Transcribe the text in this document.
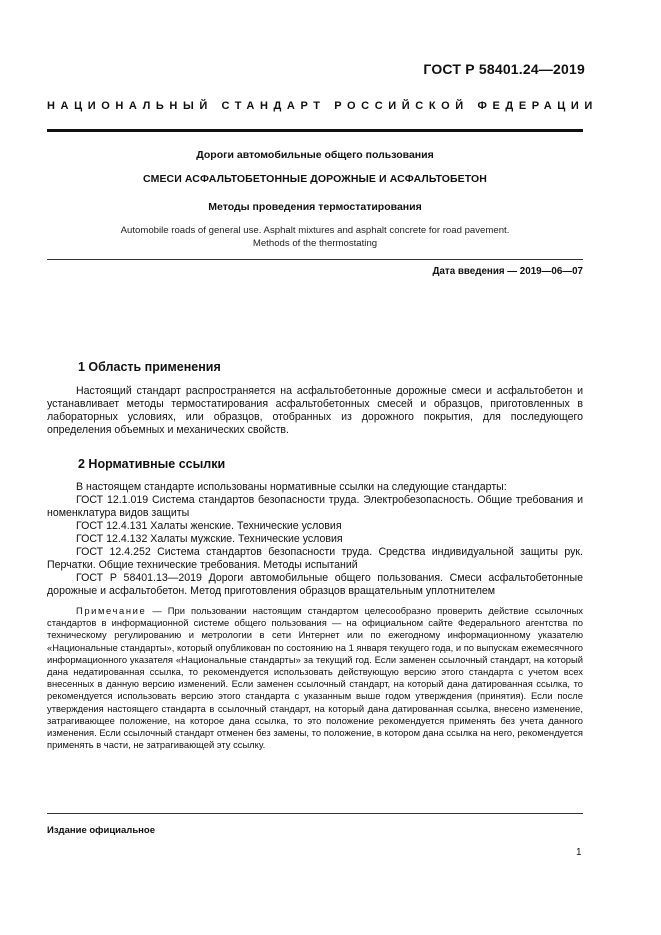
ГОСТ Р 58401.24—2019
НАЦИОНАЛЬНЫЙ СТАНДАРТ РОССИЙСКОЙ ФЕДЕРАЦИИ
Дороги автомобильные общего пользования
СМЕСИ АСФАЛЬТОБЕТОННЫЕ ДОРОЖНЫЕ И АСФАЛЬТОБЕТОН
Методы проведения термостатирования
Automobile roads of general use. Asphalt mixtures and asphalt concrete for road pavement.
Methods of the thermostating
Дата введения — 2019—06—07
1 Область применения
Настоящий стандарт распространяется на асфальтобетонные дорожные смеси и асфальтобетон и устанавливает методы термостатирования асфальтобетонных смесей и образцов, приготовленных в лабораторных условиях, или образцов, отобранных из дорожного покрытия, для последующего определения объемных и механических свойств.
2 Нормативные ссылки
В настоящем стандарте использованы нормативные ссылки на следующие стандарты:
ГОСТ 12.1.019 Система стандартов безопасности труда. Электробезопасность. Общие требования и номенклатура видов защиты
ГОСТ 12.4.131 Халаты женские. Технические условия
ГОСТ 12.4.132 Халаты мужские. Технические условия
ГОСТ 12.4.252 Система стандартов безопасности труда. Средства индивидуальной защиты рук. Перчатки. Общие технические требования. Методы испытаний
ГОСТ Р 58401.13—2019 Дороги автомобильные общего пользования. Смеси асфальтобетонные дорожные и асфальтобетон. Метод приготовления образцов вращательным уплотнителем
Примечание — При пользовании настоящим стандартом целесообразно проверить действие ссылочных стандартов в информационной системе общего пользования — на официальном сайте Федерального агентства по техническому регулированию и метрологии в сети Интернет или по ежегодному информационному указателю «Национальные стандарты», который опубликован по состоянию на 1 января текущего года, и по выпускам ежемесячного информационного указателя «Национальные стандарты» за текущий год. Если заменен ссылочный стандарт, на который дана недатированная ссылка, то рекомендуется использовать действующую версию этого стандарта с учетом всех внесенных в данную версию изменений. Если заменен ссылочный стандарт, на который дана датированная ссылка, то рекомендуется использовать версию этого стандарта с указанным выше годом утверждения (принятия). Если после утверждения настоящего стандарта в ссылочный стандарт, на который дана датированная ссылка, внесено изменение, затрагивающее положение, на которое дана ссылка, то это положение рекомендуется применять без учета данного изменения. Если ссылочный стандарт отменен без замены, то положение, в котором дана ссылка на него, рекомендуется применять в части, не затрагивающей эту ссылку.
Издание официальное
1
